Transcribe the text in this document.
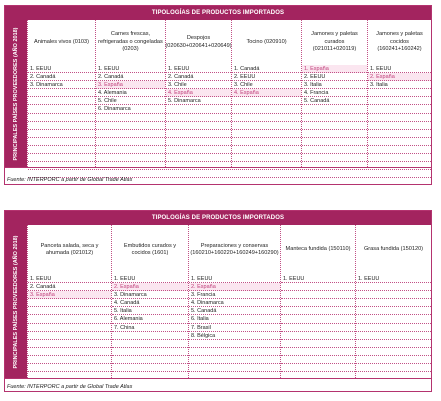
TIPOLOGÍAS DE PRODUCTOS IMPORTADOS
PRINCIPALES PAÍSES PROVEEDORES (AÑO 2018)	Animales vivos (0103)
1. EEUU
2. Canadá
3. Dinamarca
Carnes frescas, refrigeradas o congeladas (0203)
1. EEUU
2. Canadá
3. España
4. Alemania
5. Chile
6. Dinamarca
Despojos (020630+020641+020649)
1. EEUU
2. Canadá
3. Chile
4. España
5. Dinamarca
Tocino (020910)
1. Canadá
2. EEUU
3. Chile
4. España
Jamones y paletas curados (021011+020119)
1. España
2. EEUU
3. Italia
4. Francia
5. Canadá
Jamones y paletas cocidos (160241+160242)
1. EEUU
2. España
3. Italia
Fuente: INTERPORC a partir de Global Trade Atlas
TIPOLOGÍAS DE PRODUCTOS IMPORTADOS
PRINCIPALES PAÍSES PROVEEDORES (AÑO 2018)	Panceta salada, seca y ahumada (021012)
1. EEUU
2. Canadá
3. España
Embutidos curados y cocidos (1601)
1. EEUU
2. España
3. Dinamarca
4. Canadá
5. Italia
6. Alemania
7. China
Preparaciones y conservas (160210+160220+160249+160290)
1. EEUU
2. España
3. Francia
4. Dinamarca
5. Canadá
6. Italia
7. Brasil
8. Bélgica
Manteca fundida (150110)
1. EEUU
Grasa fundida (150120)
1. EEUU
Fuente: INTERPORC a partir de Global Trade Atlas
